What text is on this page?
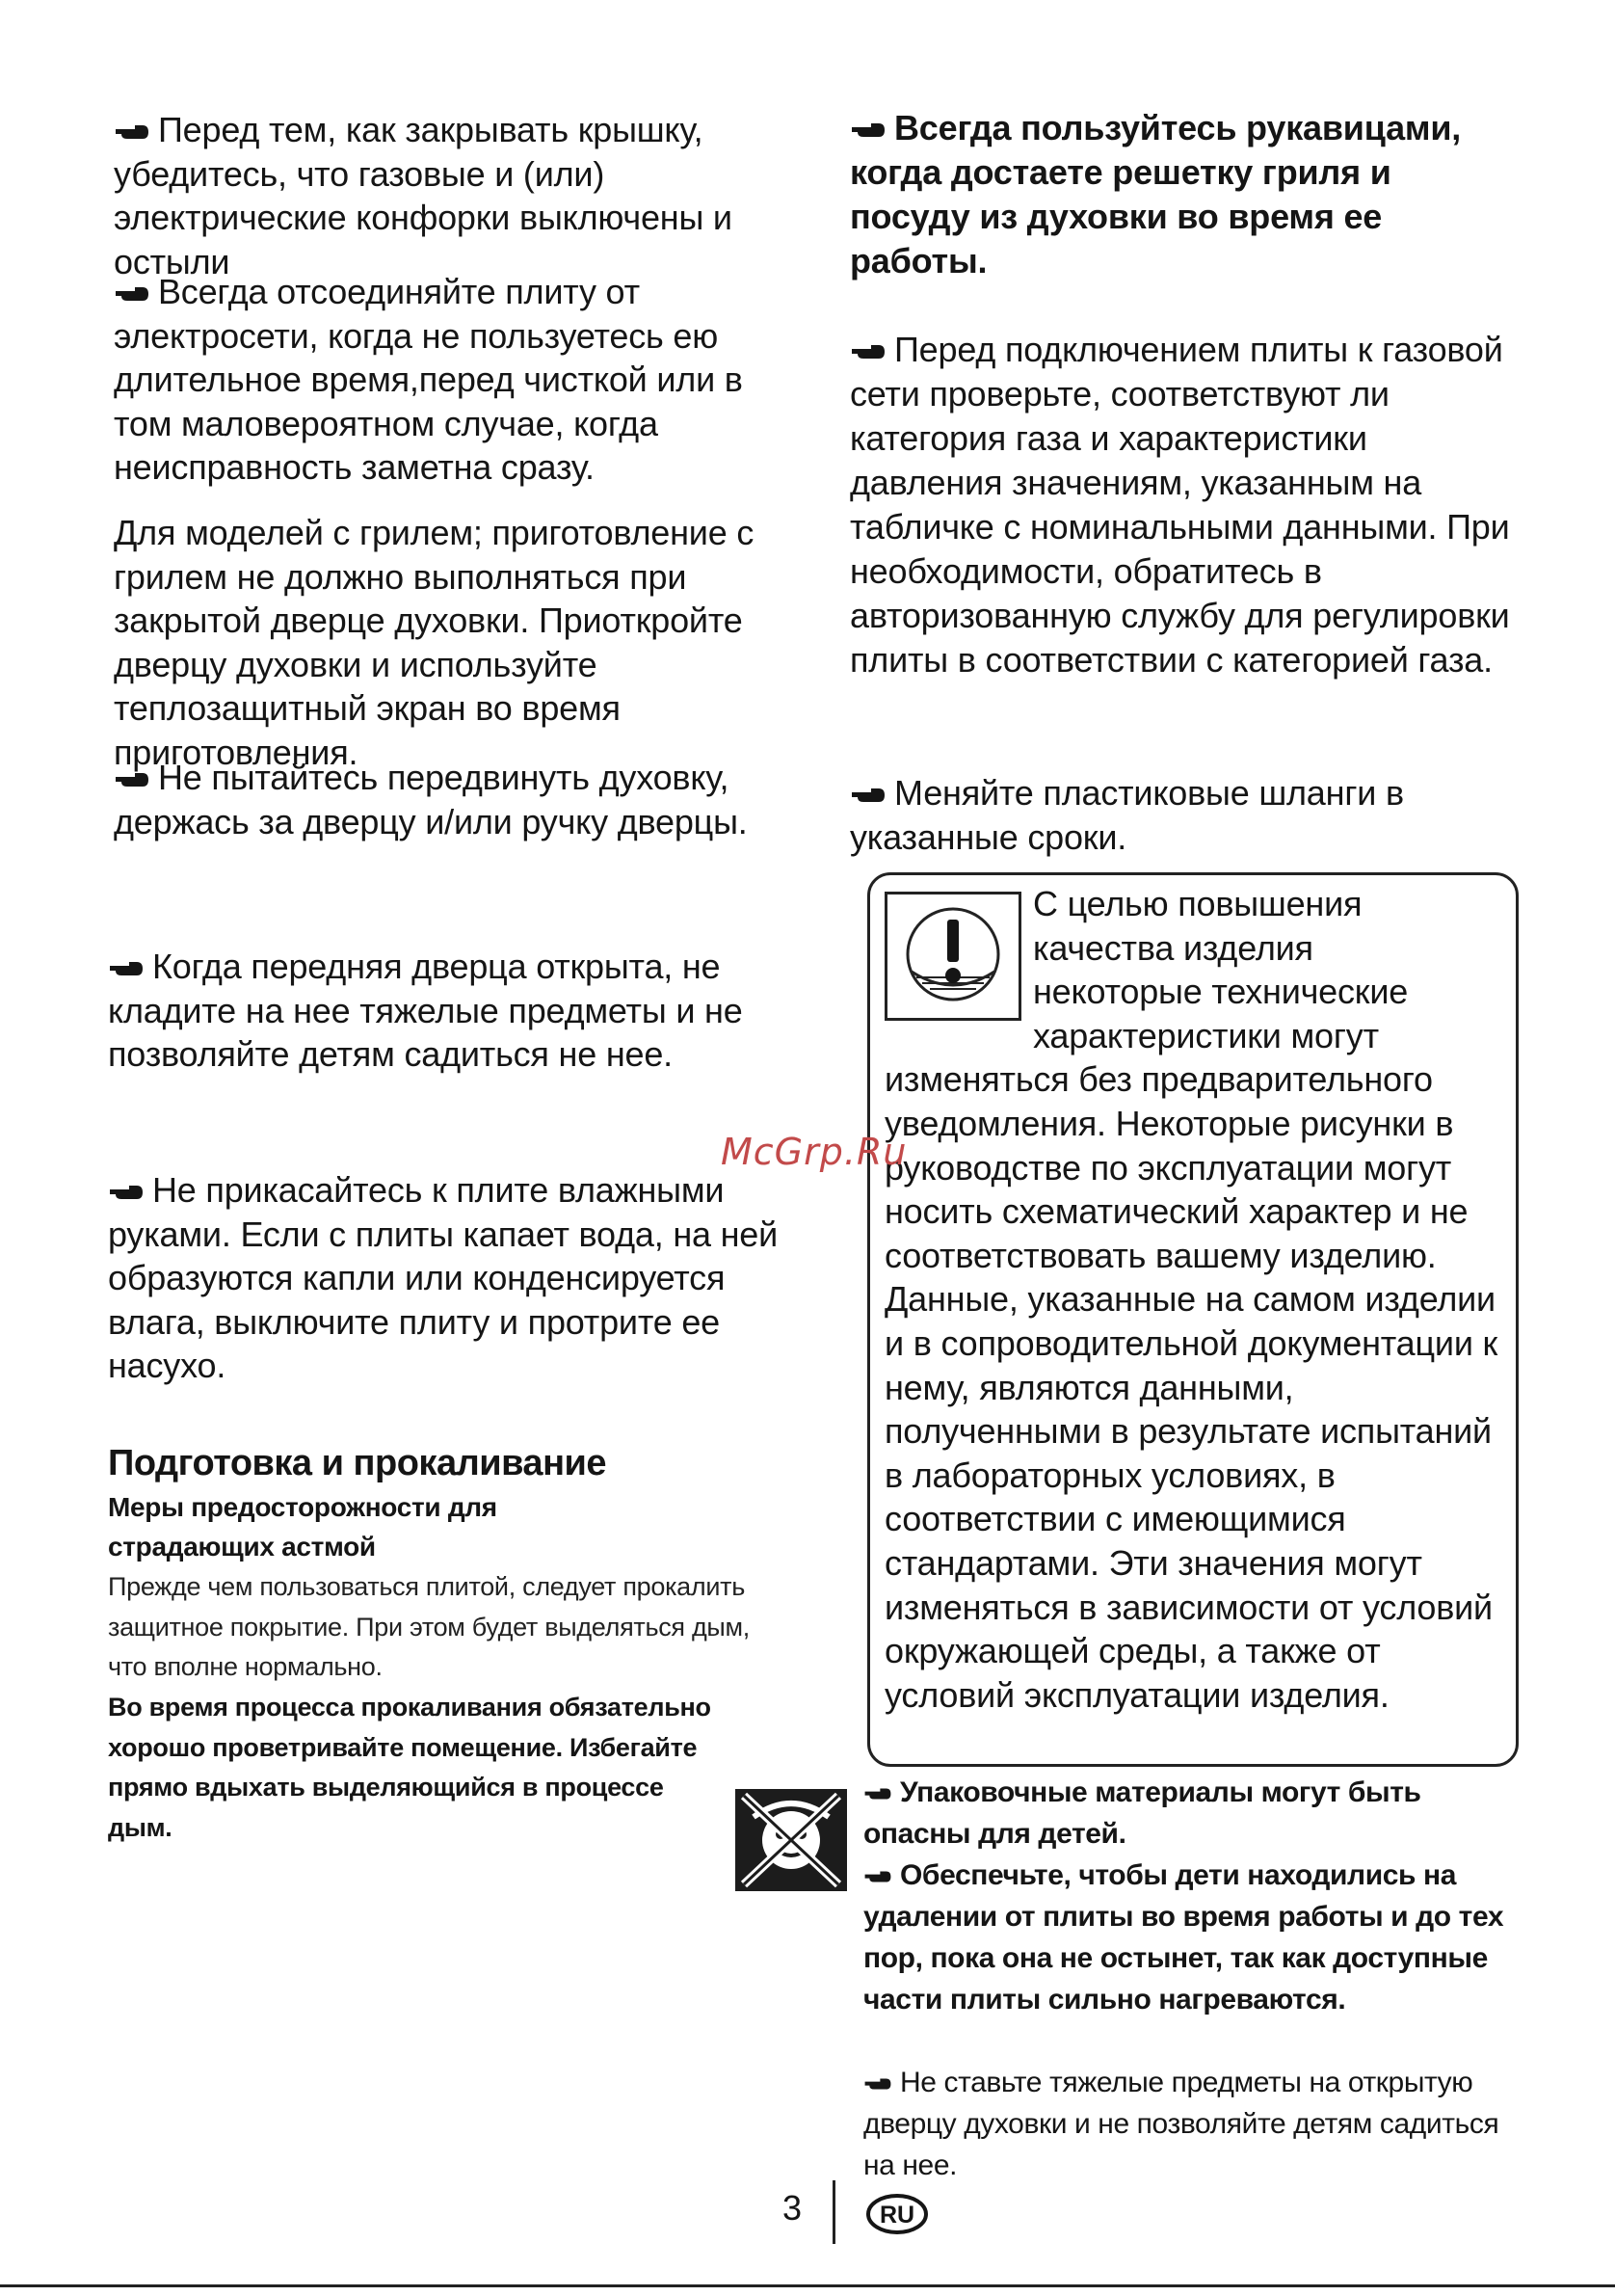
Перед тем, как закрывать крышку, убедитесь, что газовые и (или) электрические конфорки выключены и остыли
Всегда отсоединяйте плиту от электросети, когда не пользуетесь ею длительное время,перед чисткой или в том маловероятном случае, когда неисправность заметна сразу.
Для моделей с грилем; приготовление с грилем не должно выполняться при закрытой дверце духовки. Приоткройте дверцу духовки и используйте теплозащитный экран во время приготовления.
Не пытайтесь передвинуть духовку, держась за дверцу и/или ручку дверцы.
Когда передняя дверца открыта, не кладите на нее тяжелые предметы и не позволяйте детям садиться не нее.
Не прикасайтесь к плите влажными руками. Если с плиты капает вода, на ней образуются капли или конденсируется влага, выключите плиту и протрите ее насухо.
Подготовка и прокаливание
Меры предосторожности для страдающих астмой
Прежде чем пользоваться плитой, следует прокалить защитное покрытие. При этом будет выделяться дым, что вполне нормально.
Во время процесса прокаливания обязательно хорошо проветривайте помещение. Избегайте прямо вдыхать выделяющийся в процессе дым.
Всегда пользуйтесь рукавицами, когда достаете решетку гриля и посуду из духовки во время ее работы.
Перед подключением плиты к газовой сети проверьте, соответствуют ли категория газа и характеристики давления значениям, указанным на табличке с номинальными данными. При необходимости, обратитесь в авторизованную службу для регулировки плиты в соответствии с категорией газа.
Меняйте пластиковые шланги в указанные сроки.
С целью повышения
качества изделия
некоторые технические
характеристики могут
изменяться без предварительного уведомления. Некоторые рисунки в руководстве по эксплуатации могут носить схематический характер и не соответствовать вашему изделию. Данные, указанные на самом изделии и в сопроводительной документации к нему, являются данными, полученными в результате испытаний в лабораторных условиях, в соответствии с имеющимися стандартами. Эти значения могут изменяться в зависимости от условий окружающей среды, а также от условий эксплуатации изделия.
McGrp.Ru
Упаковочные материалы могут быть опасны для детей.
Обеспечьте, чтобы дети находились на удалении от плиты во время работы и до тех пор, пока она не остынет, так как доступные части плиты сильно нагреваются.
Не ставьте тяжелые предметы на открытую дверцу духовки и не позволяйте детям садиться на нее.
3	RU
